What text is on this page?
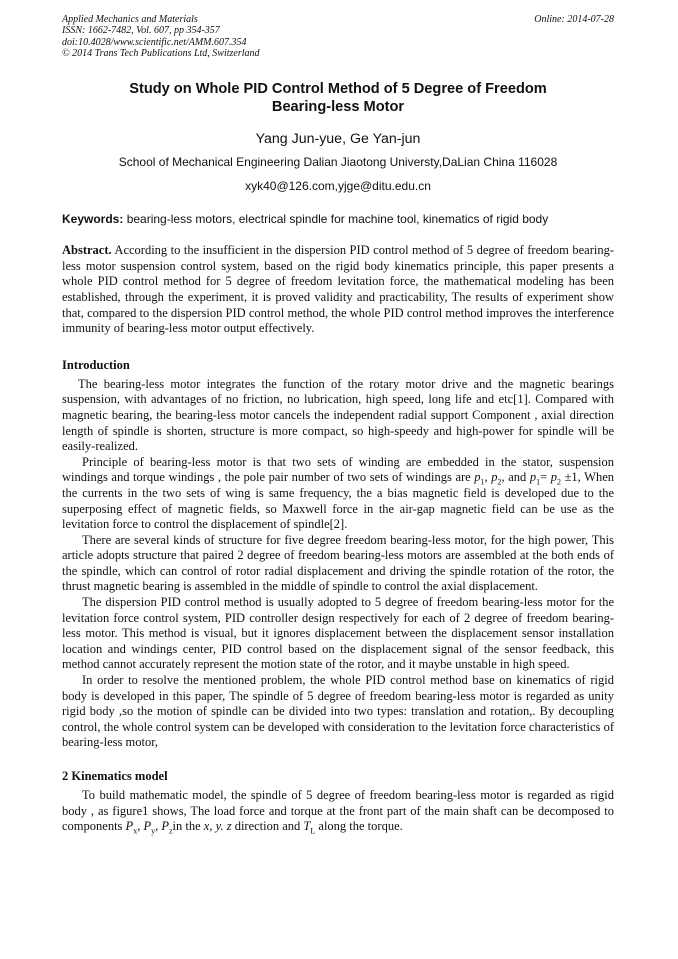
Applied Mechanics and Materials	Online: 2014-07-28
ISSN: 1662-7482, Vol. 607, pp 354-357
doi:10.4028/www.scientific.net/AMM.607.354
© 2014 Trans Tech Publications Ltd, Switzerland
Study on Whole PID Control Method of 5 Degree of Freedom
Bearing-less Motor
Yang Jun-yue, Ge Yan-jun
School of Mechanical Engineering Dalian Jiaotong Universty,DaLian China 116028
xyk40@126.com,yjge@ditu.edu.cn
Keywords: bearing-less motors, electrical spindle for machine tool, kinematics of rigid body

Abstract. According to the insufficient in the dispersion PID control method of 5 degree of freedom bearing-less motor suspension control system, based on the rigid body kinematics principle, this paper presents a whole PID control method for 5 degree of freedom levitation force, the mathematical modeling has been established, through the experiment, it is proved validity and practicability, The results of experiment show that, compared to the dispersion PID control method, the whole PID control method improves the interference immunity of bearing-less motor output effectively.

Introduction

The bearing-less motor integrates the function of the rotary motor drive and the magnetic bearings suspension, with advantages of no friction, no lubrication, high speed, long life and etc[1]. Compared with magnetic bearing, the bearing-less motor cancels the independent radial support Component , axial direction length of spindle is shorten, structure is more compact, so high-speedy and high-power for spindle will be easily-realized.

Principle of bearing-less motor is that two sets of winding are embedded in the stator, suspension windings and torque windings , the pole pair number of two sets of windings are $p_1$, $p_2$, and $p_1= p_2 \pm 1$, When the currents in the two sets of wing is same frequency, the a bias magnetic field is developed due to the superposing effect of magnetic fields, so Maxwell force in the air-gap magnetic field can be use as the levitation force to control the displacement of spindle[2].

There are several kinds of structure for five degree freedom bearing-less motor, for the high power, This article adopts structure that paired 2 degree of freedom bearing-less motors are assembled at the both ends of the spindle, which can control of rotor radial displacement and driving the spindle rotation of the rotor, the thrust magnetic bearing is assembled in the middle of spindle to control the axial displacement.

The dispersion PID control method is usually adopted to 5 degree of freedom bearing-less motor for the levitation force control system, PID controller design respectively for each of 2 degree of freedom bearing-less motor. This method is visual, but it ignores displacement between the displacement sensor installation location and windings center, PID control based on the displacement signal of the sensor feedback, this method cannot accurately represent the motion state of the rotor, and it maybe unstable in high speed.

In order to resolve the mentioned problem, the whole PID control method base on kinematics of rigid body is developed in this paper, The spindle of 5 degree of freedom bearing-less motor is regarded as unity rigid body ,so the motion of spindle can be divided into two types: translation and rotation,. By decoupling control, the whole control system can be developed with consideration to the levitation force characteristics of bearing-less motor,

2 Kinematics model

To build mathematic model, the spindle of 5 degree of freedom bearing-less motor is regarded as rigid body , as figure1 shows, The load force and torque at the front part of the main shaft can be decomposed to components $P_x$, $P_y$, $P_zin$ the x, y. z direction and $T_L$ along the torque.
